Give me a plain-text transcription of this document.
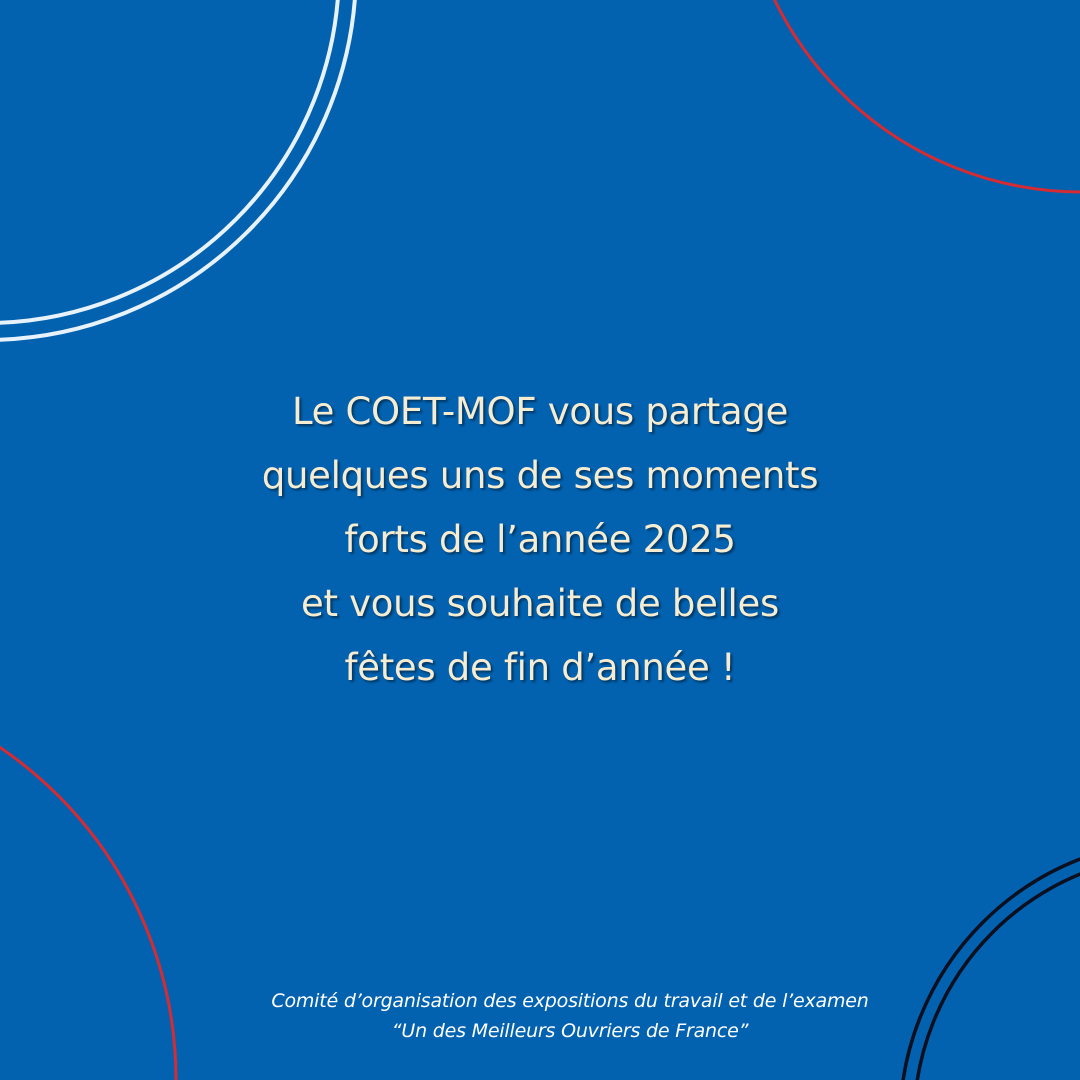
Le COET-MOF vous partage
quelques uns de ses moments
forts de l’année 2025
et vous souhaite de belles
fêtes de fin d’année !
Comité d’organisation des expositions du travail et de l’examen
“Un des Meilleurs Ouvriers de France”
